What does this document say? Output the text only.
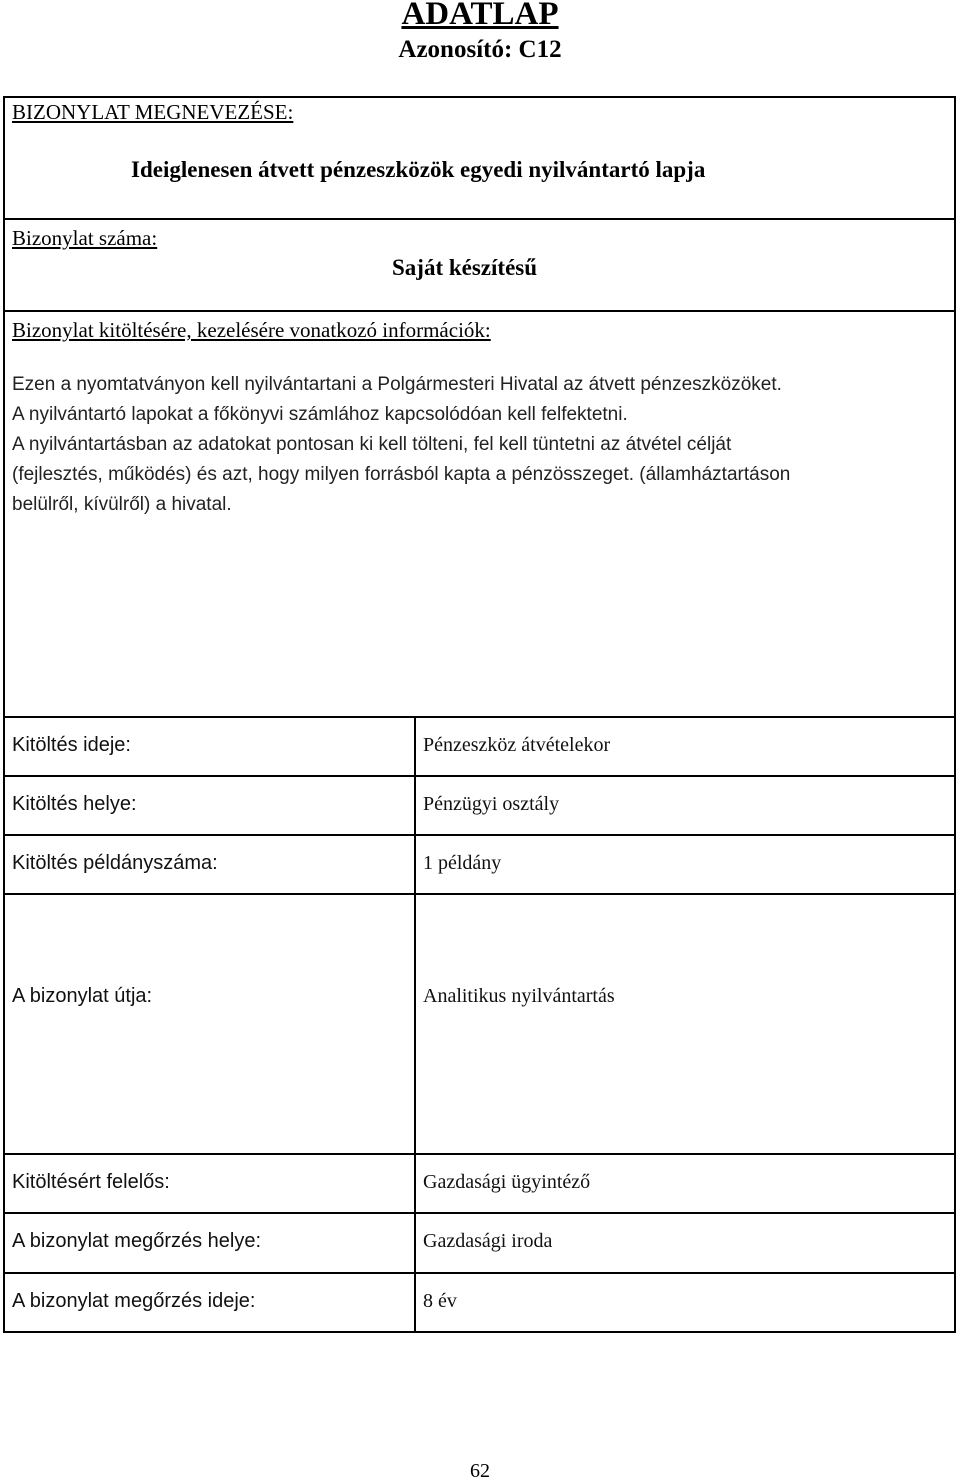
ADATLAP
Azonosító: C12
BIZONYLAT MEGNEVEZÉSE:
Ideiglenesen átvett pénzeszközök egyedi nyilvántartó lapja
Bizonylat száma:
Saját készítésű
Bizonylat kitöltésére, kezelésére vonatkozó információk:

Ezen a nyomtatványon kell nyilvántartani a Polgármesteri Hivatal az átvett pénzeszközöket.

A nyilvántartó lapokat a főkönyvi számlához kapcsolódóan kell felfektetni.

A nyilvántartásban az adatokat pontosan ki kell tölteni, fel kell tüntetni az átvétel célját

(fejlesztés, működés) és azt, hogy milyen forrásból kapta a pénzösszeget. (államháztartáson

belülről, kívülről) a hivatal.

Kitöltés ideje:	Pénzeszköz átvételekor
Kitöltés helye:	Pénzügyi osztály
Kitöltés példányszáma:	1 példány
A bizonylat útja:	Analitikus nyilvántartás
Kitöltésért felelős:	Gazdasági ügyintéző
A bizonylat megőrzés helye:	Gazdasági iroda
A bizonylat megőrzés ideje:	8 év
62
